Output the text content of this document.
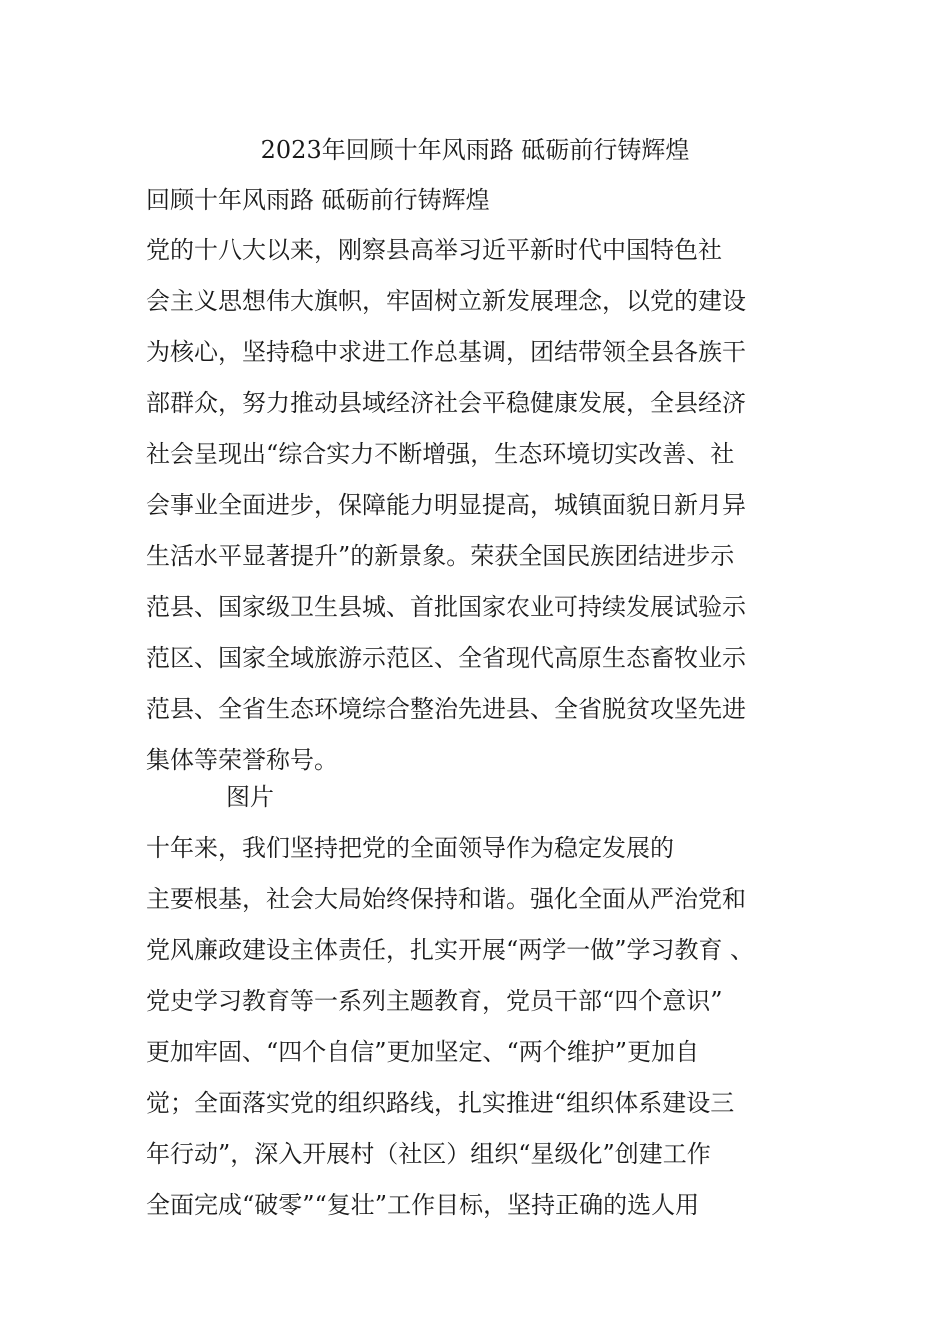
2023年回顾十年风雨路 砥砺前行铸辉煌

回顾十年风雨路 砥砺前行铸辉煌

党的十八大以来，刚察县高举习近平新时代中国特色社
会主义思想伟大旗帜，牢固树立新发展理念，以党的建设
为核心，坚持稳中求进工作总基调，团结带领全县各族干
部群众，努力推动县域经济社会平稳健康发展，全县经济
社会呈现出“综合实力不断增强，生态环境切实改善、社
会事业全面进步，保障能力明显提高，城镇面貌日新月异
生活水平显著提升”的新景象。荣获全国民族团结进步示
范县、国家级卫生县城、首批国家农业可持续发展试验示
范区、国家全域旅游示范区、全省现代高原生态畜牧业示
范县、全省生态环境综合整治先进县、全省脱贫攻坚先进
集体等荣誉称号。

图片

十年来，我们坚持把党的全面领导作为稳定发展的
主要根基，社会大局始终保持和谐。强化全面从严治党和
党风廉政建设主体责任，扎实开展“两学一做”学习教育 、
党史学习教育等一系列主题教育，党员干部“四个意识”
更加牢固、“四个自信”更加坚定、“两个维护”更加自
觉；全面落实党的组织路线，扎实推进“组织体系建设三
年行动”，深入开展村（社区）组织“星级化”创建工作
全面完成“破零”“复壮”工作目标，坚持正确的选人用
